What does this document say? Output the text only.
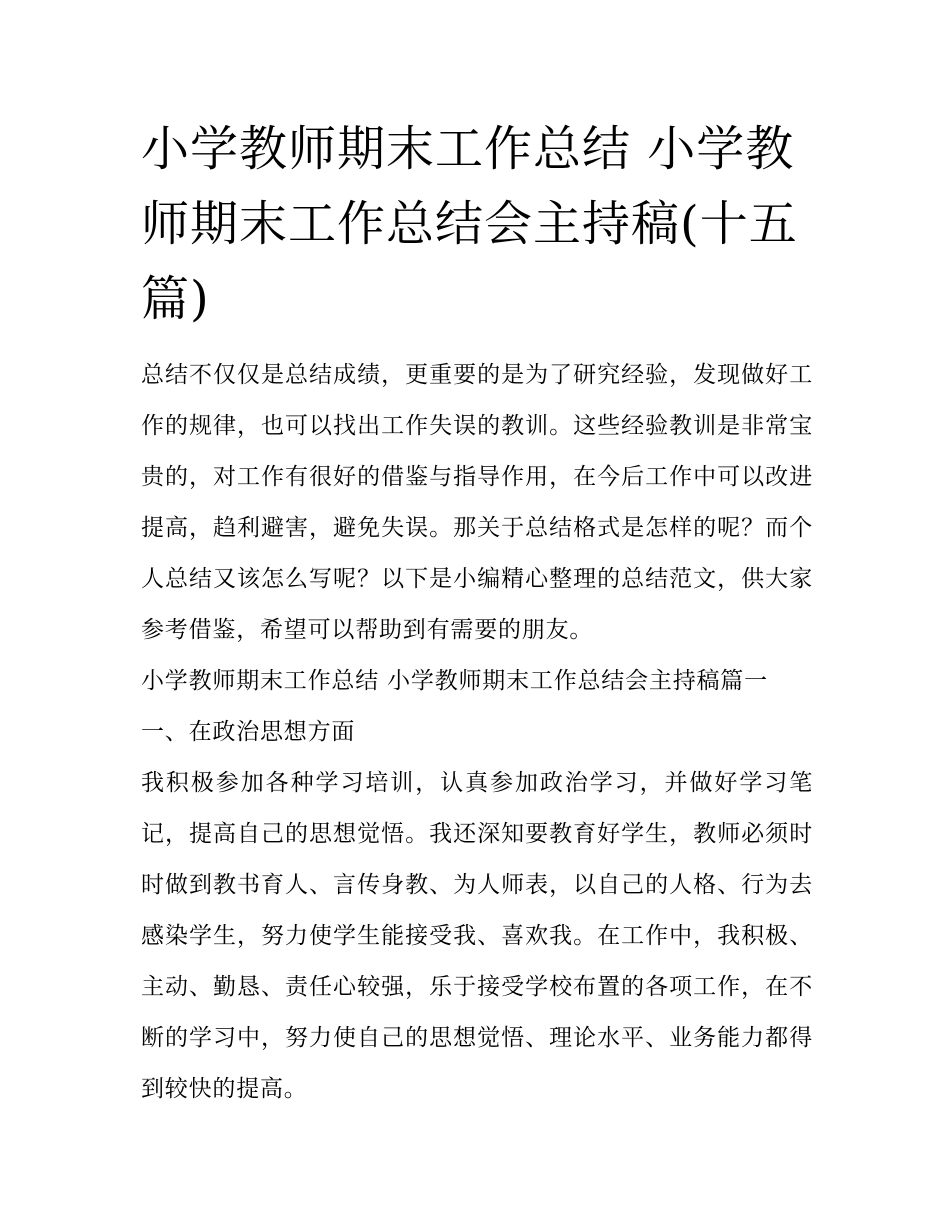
小学教师期末工作总结 小学教师期末工作总结会主持稿(十五篇)

总结不仅仅是总结成绩，更重要的是为了研究经验，发现做好工作的规律，也可以找出工作失误的教训。这些经验教训是非常宝贵的，对工作有很好的借鉴与指导作用，在今后工作中可以改进提高，趋利避害，避免失误。那关于总结格式是怎样的呢？而个人总结又该怎么写呢？以下是小编精心整理的总结范文，供大家参考借鉴，希望可以帮助到有需要的朋友。

小学教师期末工作总结 小学教师期末工作总结会主持稿篇一

一、在政治思想方面

我积极参加各种学习培训，认真参加政治学习，并做好学习笔记，提高自己的思想觉悟。我还深知要教育好学生，教师必须时时做到教书育人、言传身教、为人师表，以自己的人格、行为去感染学生，努力使学生能接受我、喜欢我。在工作中，我积极、主动、勤恳、责任心较强，乐于接受学校布置的各项工作，在不断的学习中，努力使自己的思想觉悟、理论水平、业务能力都得到较快的提高。
